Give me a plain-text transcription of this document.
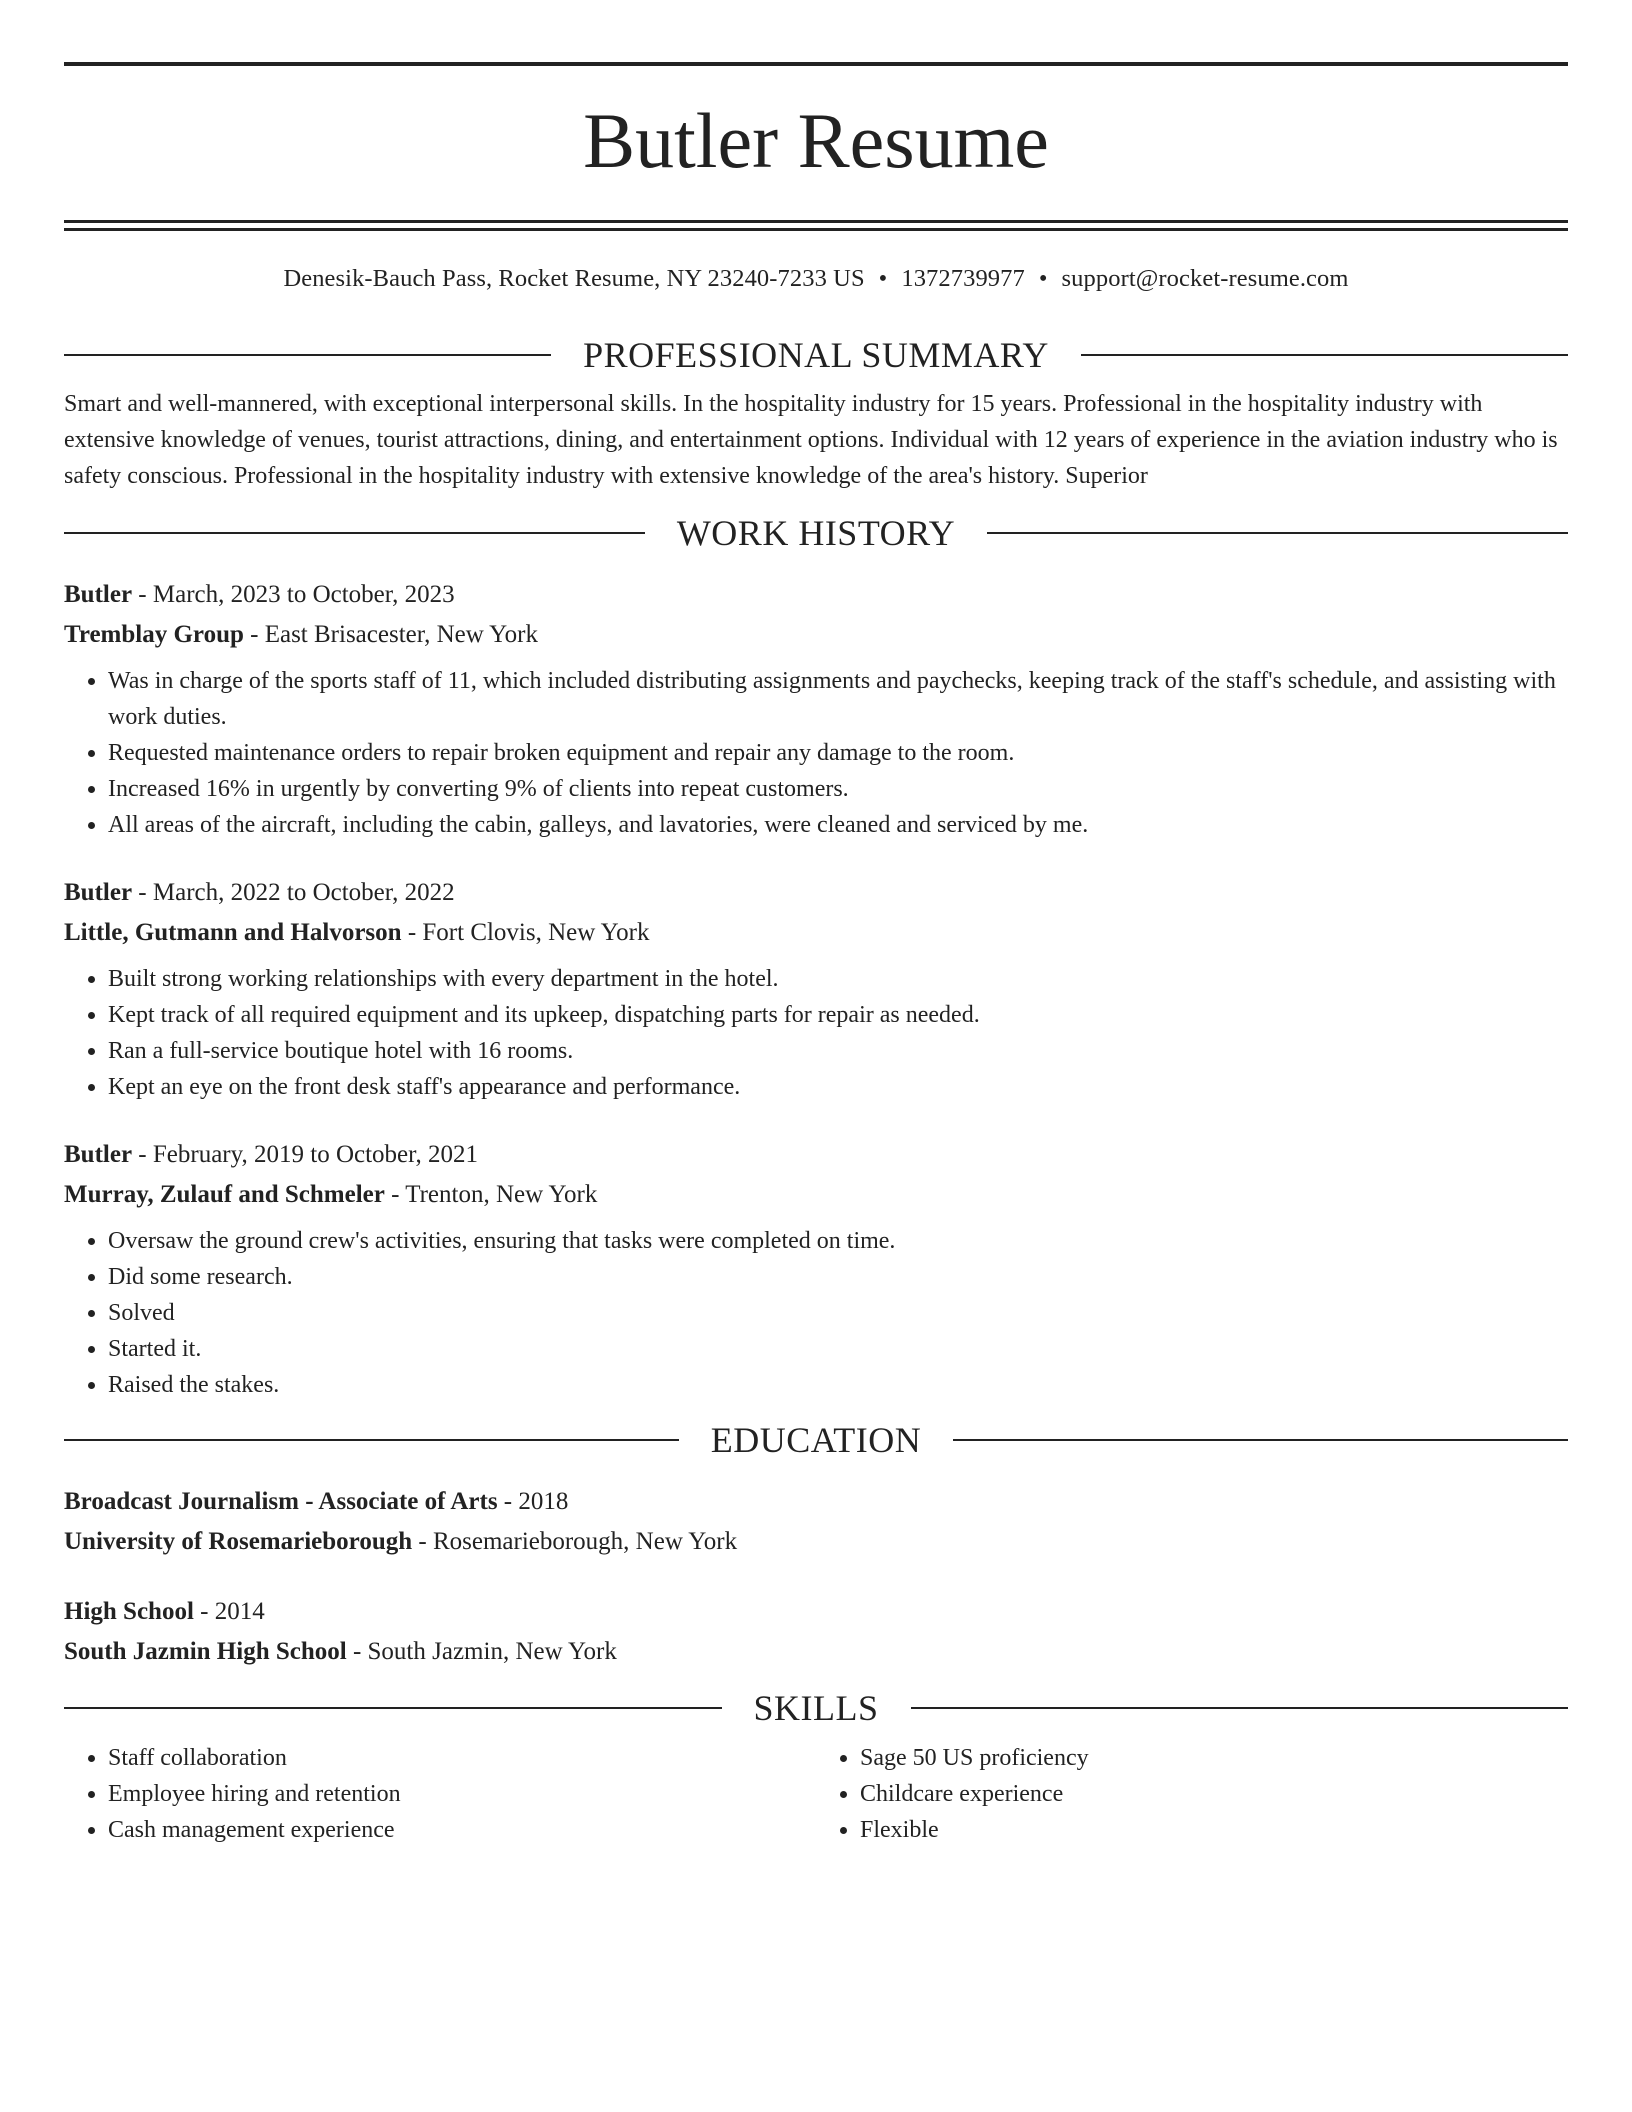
Butler Resume
Denesik-Bauch Pass, Rocket Resume, NY 23240-7233 US • 1372739977 • support@rocket-resume.com
PROFESSIONAL SUMMARY

Smart and well-mannered, with exceptional interpersonal skills. In the hospitality industry for 15 years. Professional in the hospitality industry with extensive knowledge of venues, tourist attractions, dining, and entertainment options. Individual with 12 years of experience in the aviation industry who is safety conscious. Professional in the hospitality industry with extensive knowledge of the area's history. Superior

WORK HISTORY
Butler - March, 2023 to October, 2023
Tremblay Group - East Brisacester, New York
• Was in charge of the sports staff of 11, which included distributing assignments and paychecks, keeping track of the staff's schedule, and assisting with work duties.
• Requested maintenance orders to repair broken equipment and repair any damage to the room.
• Increased 16% in urgently by converting 9% of clients into repeat customers.
• All areas of the aircraft, including the cabin, galleys, and lavatories, were cleaned and serviced by me.
Butler - March, 2022 to October, 2022
Little, Gutmann and Halvorson - Fort Clovis, New York
• Built strong working relationships with every department in the hotel.
• Kept track of all required equipment and its upkeep, dispatching parts for repair as needed.
• Ran a full-service boutique hotel with 16 rooms.
• Kept an eye on the front desk staff's appearance and performance.
Butler - February, 2019 to October, 2021
Murray, Zulauf and Schmeler - Trenton, New York
• Oversaw the ground crew's activities, ensuring that tasks were completed on time.
• Did some research.
• Solved
• Started it.
• Raised the stakes.
EDUCATION
Broadcast Journalism - Associate of Arts - 2018
University of Rosemarieborough - Rosemarieborough, New York
High School - 2014
South Jazmin High School - South Jazmin, New York
SKILLS
• Staff collaboration
• Employee hiring and retention
• Cash management experience
• Sage 50 US proficiency
• Childcare experience
• Flexible
